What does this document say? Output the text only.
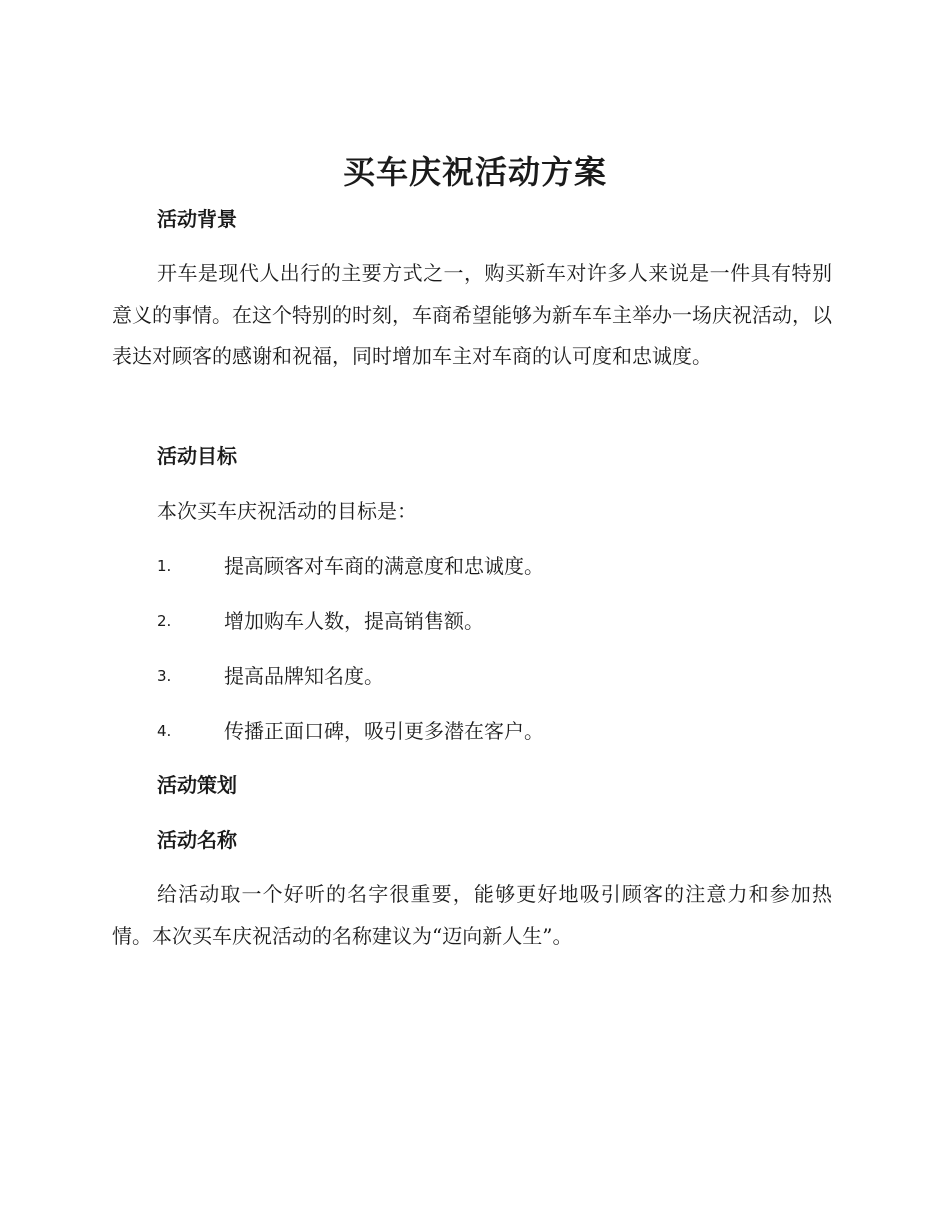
买车庆祝活动方案
活动背景
开车是现代人出行的主要方式之一，购买新车对许多人来说是一件具有特别意义的事情。在这个特别的时刻，车商希望能够为新车车主举办一场庆祝活动，以表达对顾客的感谢和祝福，同时增加车主对车商的认可度和忠诚度。
活动目标
本次买车庆祝活动的目标是：
1.	提高顾客对车商的满意度和忠诚度。
2.	增加购车人数，提高销售额。
3.	提高品牌知名度。
4.	传播正面口碑，吸引更多潜在客户。
活动策划
活动名称
给活动取一个好听的名字很重要，能够更好地吸引顾客的注意力和参加热情。本次买车庆祝活动的名称建议为“迈向新人生”。
